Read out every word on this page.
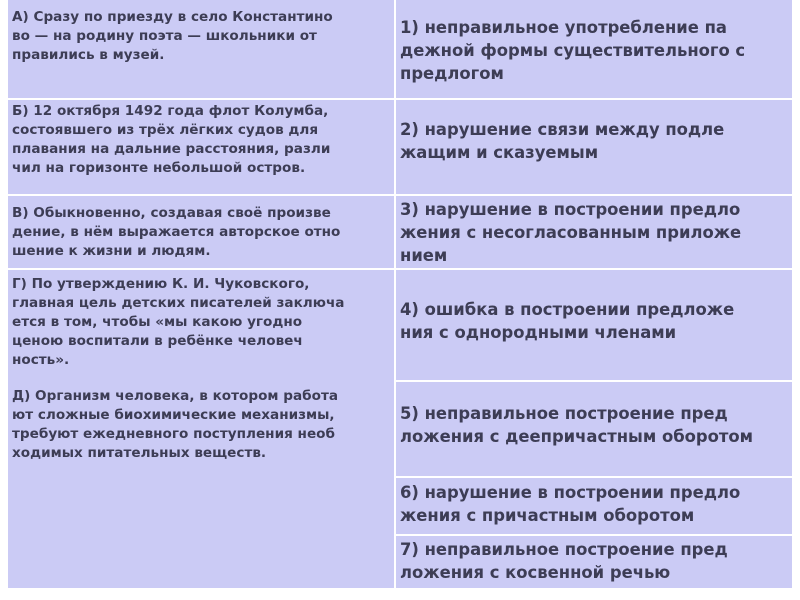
А) Сразу по приезду в село Константино
во — на родину поэта — школьники от
правились в музей.

Б) 12 октября 1492 года флот Колумба,
состоявшего из трёх лёгких судов для
плавания на дальние расстояния, разли
чил на горизонте небольшой остров.

В) Обыкновенно, создавая своё произве
дение, в нём выражается авторское отно
шение к жизни и людям.

Г) По утверждению К. И. Чуковского,
главная цель детских писателей заключа
ется в том, чтобы «мы какою угодно
ценою воспитали в ребёнке человеч
ность».

Д) Организм человека, в котором работа
ют сложные биохимические механизмы,
требуют ежедневного поступления необ
ходимых питательных веществ.

1) неправильное употребление па
дежной формы существительного с
предлогом

2) нарушение связи между подле
жащим и сказуемым

3) нарушение в построении предло
жения с несогласованным приложе
нием

4) ошибка в построении предложе
ния с однородными членами

5) неправильное построение пред
ложения с деепричастным оборотом

6) нарушение в построении предло
жения с причастным оборотом

7) неправильное построение пред
ложения с косвенной речью
